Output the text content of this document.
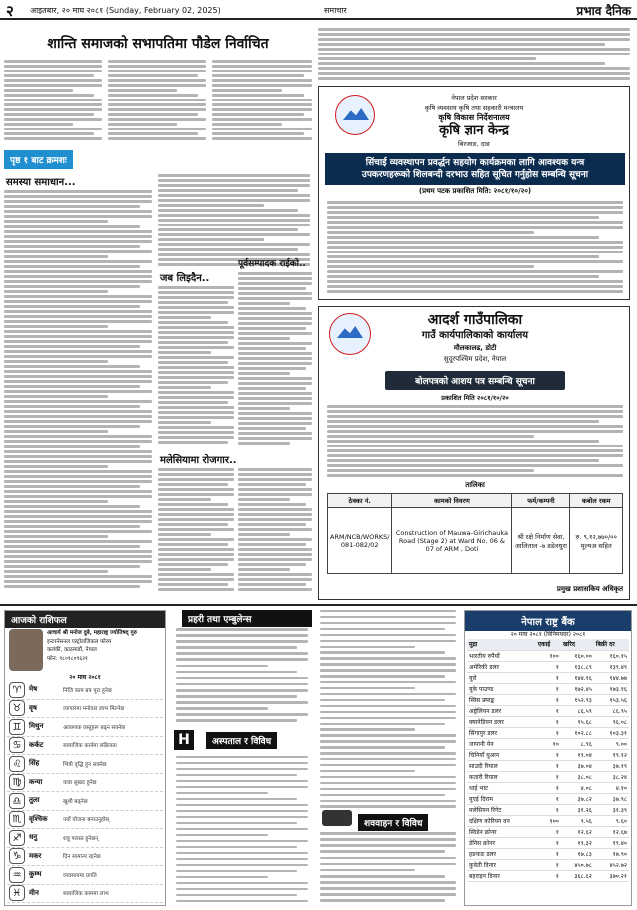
२ आइतबार, २० माघ २०८१ (Sunday, February 02, 2025)	समाचार	प्रभाव दैनिक
शान्ति समाजको सभापतिमा पौडेल निर्वाचित
पृष्ठ १ बाट क्रमशः
समस्या समाधान...
जब लिइदैन..
पूर्वसम्पादक राईको..
मलेसियामा रोजगार..
नेपाल प्रदेश सरकार
कृषि व्यवसाय कृषि तथा सहकारी मन्त्रालय
कृषि विकास निर्देशनालय
कृषि ज्ञान केन्द्र
बिरजाङ, दाङ
सिंचाई व्यवस्थापन प्रवर्द्धन सहयोग कार्यक्रमका लागि आवश्यक यन्त्र
उपकरणहरूको शिलबन्दी दरभाउ सहित सूचित गर्नुहोस सम्बन्धि सूचना
(प्रथम पटक प्रकाशित मिति: २०८१/१०/२०)
आदर्श गाउँपालिका
गाउँ कार्यपालिकाको कार्यालय
मौलकालढ, डोटी
सुदूरपश्चिम प्रदेश, नेपाल
बोलपत्रको आशय पत्र सम्बन्धि सूचना
प्रकाशित मिति २०८१/१०/२०
तालिका
ठेक्का नं.	कामको विवरण	फर्म/कम्पनी	कबोल रकम
ARM/NCB/WORKS/ 081-082/02	Construction of Mauwa-Girichauka Road (Stage 2) at Ward No. 06 & 07 of ARM , Doti	श्री रक्षे निर्माण सेवा, आलिताल -७ डडेलधुरा	रु. ९,१२,७७०/०० मूल्यअ सहित
प्रमुख प्रशासकिय अधिकृत
आजको राशिफल
आचार्य श्री मनोज दुबे, महाराष्ट्र ज्योतिषद् गुरु
इन्टरनेसनल एस्ट्रोलजिकल फोरम
कलंकी, काठमाडौं, नेपाल
फोन: ९८०१८०९६२१
२० माघ २०८१
♈	मेष	निजि काम प्रत्र पूरा हुनेछ
♉	वृष	व्यापारमा मनोवल लाभ मिल्नेछ
♊	मिथुन	आवश्यक वस्तुहरू बढ्न सक्नेछ
♋	कर्कट	सामाजिक कार्यमा सक्रियता
♌	सिंह	भित्री वृद्धि हुन सक्नेछ
♍	कन्या	यात्रा सुखद हुनेछ
♎	तुला	खुशी बढ्नेछ
♏	वृश्चिक	नयाँ योजना बनाउनुहोस्
♐	धनु	शत्रु परास्त हुनेछन्
♑	मकर	दिन सामान्य रहनेछ
♒	कुम्भ	व्यवसायमा प्रगति
♓	मीन	सामाजिक काममा लाभ
प्रहरी तथा एम्बुलेन्स
H	अस्पताल र विविध
शववाहन र विविध
नेपाल राष्ट्र बैंक
२० माघ २०८१ (विनिमयदर) २०८१
मुद्रा	एकाई	खरिद	बिक्री दर
भारतीय रुपैयाँ	१००	१६०.००	१६०.१५
अमेरिकी डलर	१	१३८.८९	१३९.४९
यूरो	१	१४४.१६	१४४.७७
युके पाउण्ड	१	१७२.४५	१७३.१६
स्विस फ्र्याङ्क	१	१५२.९३	१५३.५६
अष्ट्रेलियन डलर	१	८६.५९	८६.९५
क्यानेडियन डलर	१	९५.६८	९६.०८
सिंगापुर डलर	१	१०२.८८	१०३.३१
जापानी येन	१०	८.९६	९.००
चिनियाँ युआन	१	१९.०४	१९.१२
साउदी रियाल	१	३७.०४	३७.१९
कतारी रियाल	१	३८.०८	३८.२४
थाई भाट	१	४.०८	४.१०
युएई दिराम	१	३७.८२	३७.९८
मलेसियन रिंगेट	१	३१.२६	३१.३९
दक्षिण कोरियन वन	१००	९.५६	९.६०
स्विडेन क्रोनर	१	१२.६२	१२.६७
डेनिस क्रोनर	१	१९.३२	१९.४०
हङकङ डलर	१	१७.८३	१७.९०
कुवेती दिनार	१	४५०.७८	४५२.७२
बहराइन दिनार	१	३६८.६२	३७०.२१
